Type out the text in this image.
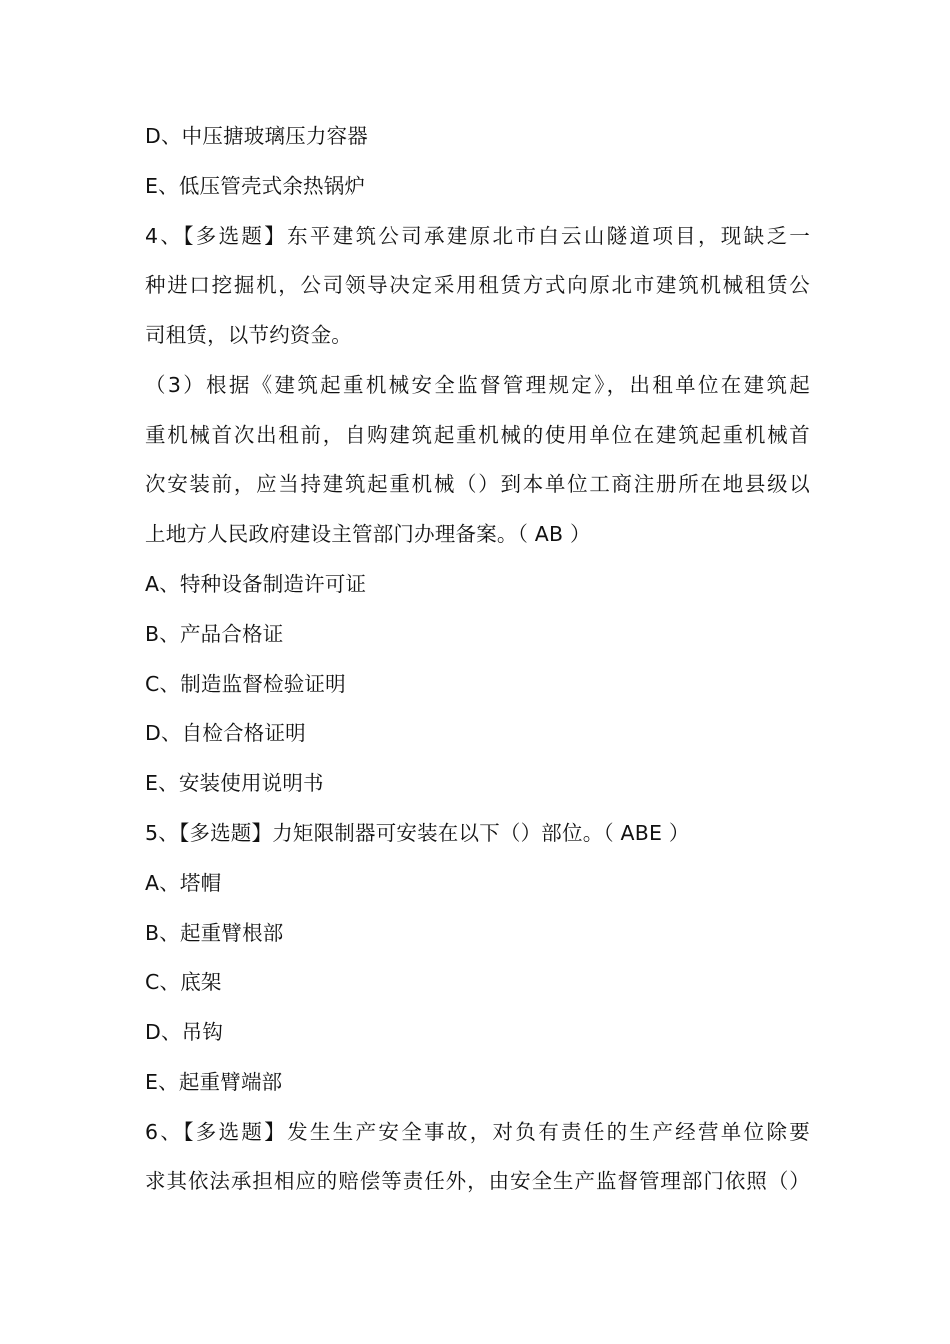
D、中压搪玻璃压力容器
E、低压管壳式余热锅炉
4、【多选题】东平建筑公司承建原北市白云山隧道项目，现缺乏一
种进口挖掘机，公司领导决定采用租赁方式向原北市建筑机械租赁公
司租赁，以节约资金。
（3）根据《建筑起重机械安全监督管理规定》，出租单位在建筑起
重机械首次出租前，自购建筑起重机械的使用单位在建筑起重机械首
次安装前，应当持建筑起重机械（）到本单位工商注册所在地县级以
上地方人民政府建设主管部门办理备案。（ AB ）
A、特种设备制造许可证
B、产品合格证
C、制造监督检验证明
D、自检合格证明
E、安装使用说明书
5、【多选题】力矩限制器可安装在以下（）部位。（ ABE ）
A、塔帽
B、起重臂根部
C、底架
D、吊钩
E、起重臂端部
6、【多选题】发生生产安全事故，对负有责任的生产经营单位除要
求其依法承担相应的赔偿等责任外，由安全生产监督管理部门依照（）
